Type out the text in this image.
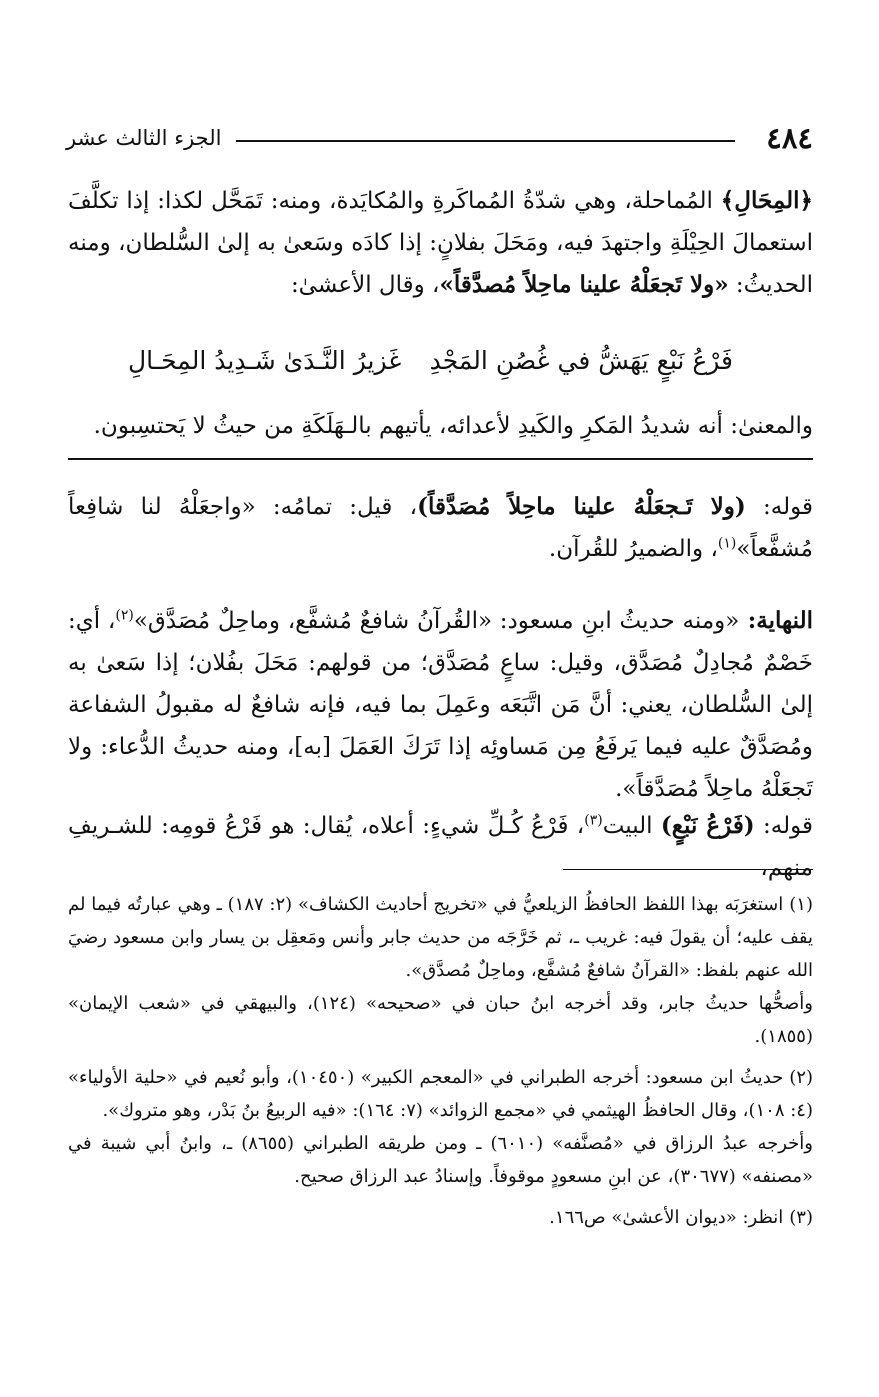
٤٨٤
الجزء الثالث عشر
﴿المِحَالِ﴾ المُماحلة، وهي شدّةُ المُماكَرةِ والمُكايَدة، ومنه: تَمَحَّل لكذا: إذا تكلَّفَ استعمالَ الحِيْلَةِ واجتهدَ فيه، ومَحَلَ بفلانٍ: إذا كادَه وسَعىٰ به إلىٰ السُّلطان، ومنه الحديثُ: «ولا تَجعَلْهُ علينا ماحِلاً مُصدَّقاً»، وقال الأعشىٰ:
فَرْعُ نَبْعٍ يَهَشُّ في غُصُنِ المَجْدِ
غَزيرُ النَّـدَىٰ شَـدِيدُ المِحَـالِ
والمعنىٰ: أنه شديدُ المَكرِ والكَيدِ لأعدائه، يأتيهم بالـهَلَكَةِ من حيثُ لا يَحتسِبون.
قوله: (ولا تَـجعَلْهُ علينا ماحِلاً مُصَدَّقاً)، قيل: تمامُه: «واجعَلْهُ لنا شافِعاً مُشفَّعاً»$^{(١)}$، والضميرُ للقُرآن.
النهاية: «ومنه حديثُ ابنِ مسعود: «القُرآنُ شافعٌ مُشفَّع، وماحِلٌ مُصَدَّق»$^{(٢)}$، أي: خَصْمٌ مُجادِلٌ مُصَدَّق، وقيل: ساعٍ مُصَدَّق؛ من قولهم: مَحَلَ بفُلان؛ إذا سَعىٰ به إلىٰ السُّلطان، يعني: أنَّ مَن اتَّبَعَه وعَمِلَ بما فيه، فإنه شافعٌ له مقبولُ الشفاعة ومُصَدَّقٌ عليه فيما يَرفَعُ مِن مَساوئِه إذا تَرَكَ العَمَلَ [به]، ومنه حديثُ الدُّعاء: ولا تَجعَلْهُ ماحِلاً مُصَدَّقاً».
قوله: (فَرْعُ نَبْعٍ) البيت$^{(٣)}$، فَرْعُ كُـلِّ شيءٍ: أعلاه، يُقال: هو فَرْعُ قومِه: للشـريفِ منهم،

(١)استغرَبَه بهذا اللفظ الحافظُ الزيلعيُّ في «تخريج أحاديث الكشاف» (٢: ١٨٧) ـ وهي عبارتُه فيما لم يقف عليه؛ أن يقولَ فيه: غريب ـ، ثم خَرَّجَه من حديث جابر وأنس ومَعقِل بن يسار وابن مسعود رضيَ الله عنهم بلفظ: «القرآنُ شافعٌ مُشفَّع، وماحِلٌ مُصدَّق».

وأصحُّها حديثُ جابر، وقد أخرجه ابنُ حبان في «صحيحه» (١٢٤)، والبيهقي في «شعب الإيمان» (١٨٥٥).

(٢)حديثُ ابن مسعود: أخرجه الطبراني في «المعجم الكبير» (١٠٤٥٠)، وأبو نُعيم في «حلية الأولياء» (٤: ١٠٨)، وقال الحافظُ الهيثمي في «مجمع الزوائد» (٧: ١٦٤): «فيه الربيعُ بنُ بَدْر، وهو متروك».

وأخرجه عبدُ الرزاق في «مُصنَّفه» (٦٠١٠) ـ ومن طريقه الطبراني (٨٦٥٥) ـ، وابنُ أبي شيبة في «مصنفه» (٣٠٦٧٧)، عن ابنِ مسعودٍ موقوفاً. وإسنادُ عبد الرزاق صحيح.

(٣)انظر: «ديوان الأعشىٰ» ص١٦٦.
